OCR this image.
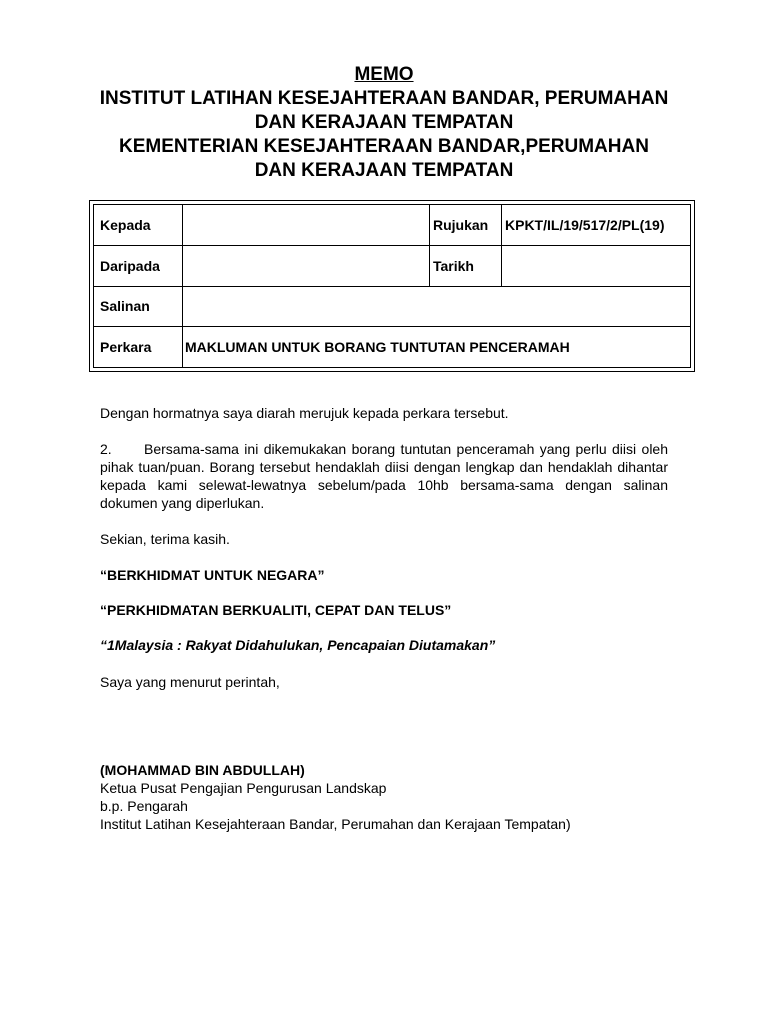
MEMO
INSTITUT LATIHAN KESEJAHTERAAN BANDAR, PERUMAHAN
DAN KERAJAAN TEMPATAN
KEMENTERIAN KESEJAHTERAAN BANDAR,PERUMAHAN
DAN KERAJAAN TEMPATAN
Kepada		Rujukan	KPKT/IL/19/517/2/PL(19)
Daripada		Tarikh	
Salinan			
Perkara	MAKLUMAN UNTUK BORANG TUNTUTAN PENCERAMAH		
Dengan hormatnya saya diarah merujuk kepada perkara tersebut.
2. Bersama-sama ini dikemukakan borang tuntutan penceramah yang perlu diisi oleh pihak tuan/puan. Borang tersebut hendaklah diisi dengan lengkap dan hendaklah dihantar kepada kami selewat-lewatnya sebelum/pada 10hb bersama-sama dengan salinan dokumen yang diperlukan.
Sekian, terima kasih.
“BERKHIDMAT UNTUK NEGARA”
“PERKHIDMATAN BERKUALITI, CEPAT DAN TELUS”
“1Malaysia : Rakyat Didahulukan, Pencapaian Diutamakan”
Saya yang menurut perintah,
(MOHAMMAD BIN ABDULLAH)
Ketua Pusat Pengajian Pengurusan Landskap
b.p. Pengarah
Institut Latihan Kesejahteraan Bandar, Perumahan dan Kerajaan Tempatan)
